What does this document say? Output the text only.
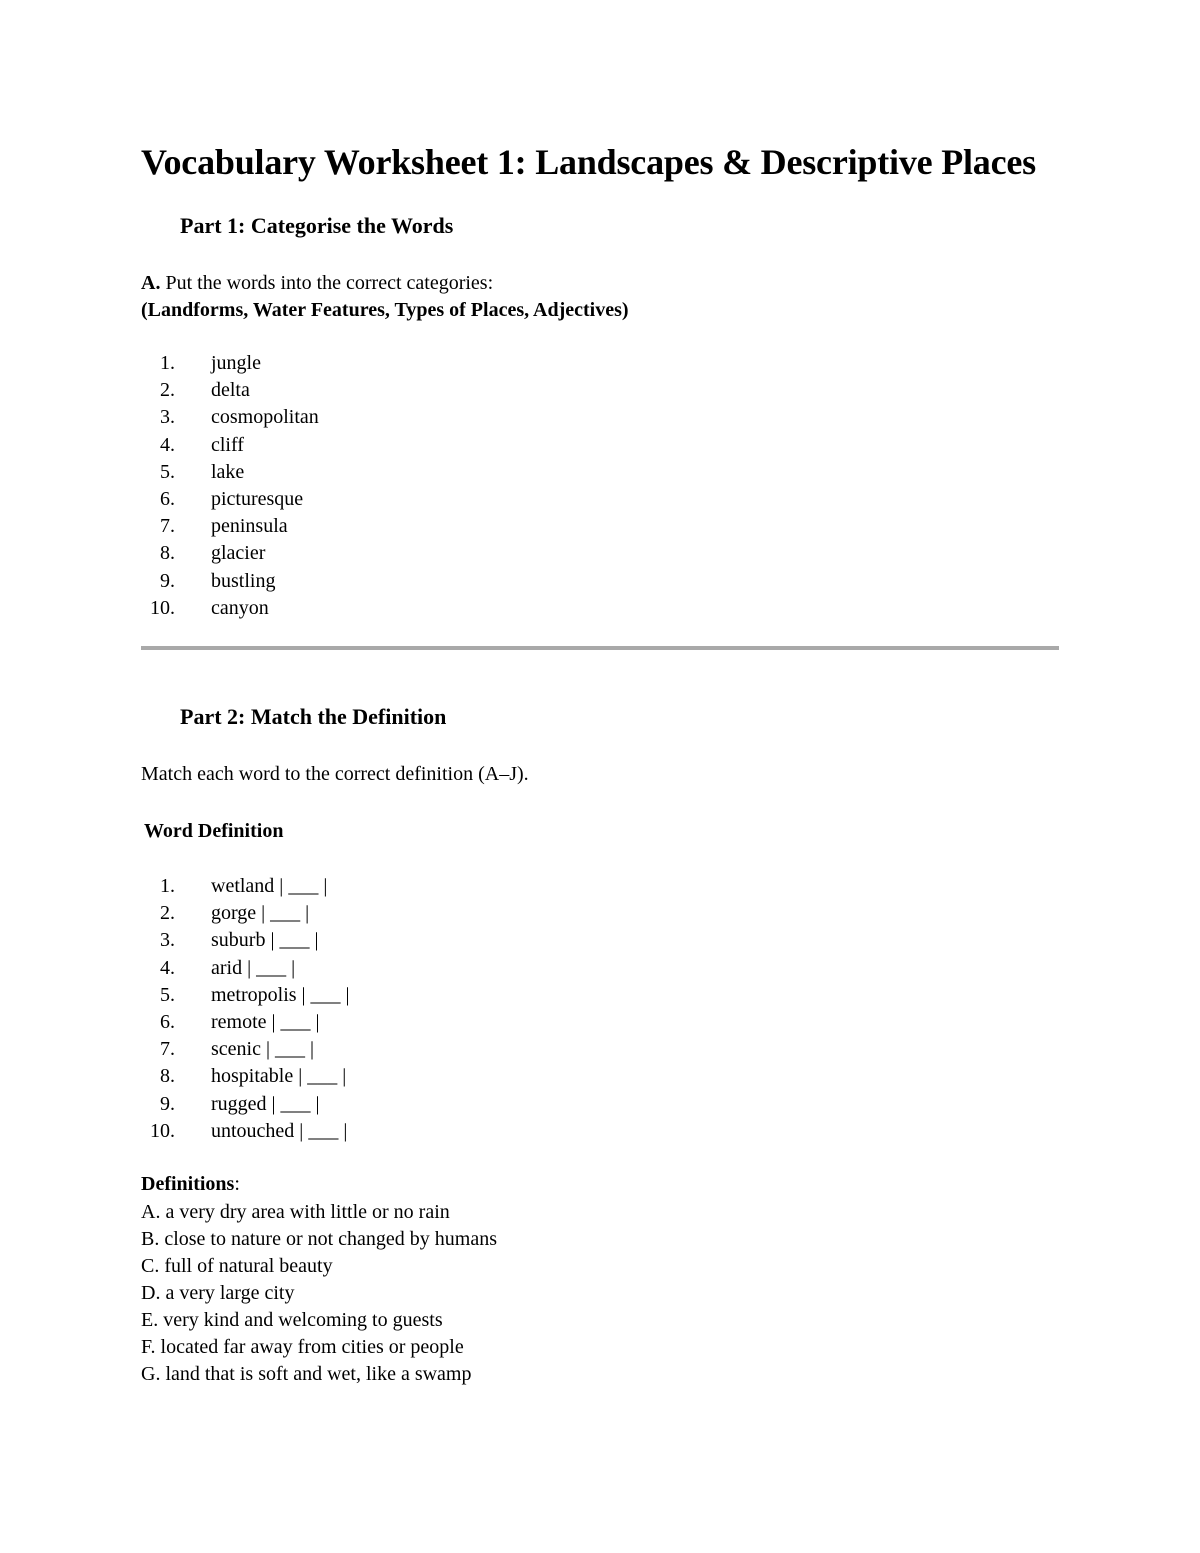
Vocabulary Worksheet 1: Landscapes & Descriptive Places
Part 1: Categorise the Words

A. Put the words into the correct categories:

(Landforms, Water Features, Types of Places, Adjectives)

1. jungle
2. delta
3. cosmopolitan
4. cliff
5. lake
6. picturesque
7. peninsula
8. glacier
9. bustling
10. canyon
Part 2: Match the Definition

Match each word to the correct definition (A–J).

Word Definition

1. wetland | ___ |
2. gorge | ___ |
3. suburb | ___ |
4. arid | ___ |
5. metropolis | ___ |
6. remote | ___ |
7. scenic | ___ |
8. hospitable | ___ |
9. rugged | ___ |
10. untouched | ___ |

Definitions:

A. a very dry area with little or no rain
B. close to nature or not changed by humans
C. full of natural beauty
D. a very large city
E. very kind and welcoming to guests
F. located far away from cities or people
G. land that is soft and wet, like a swamp
